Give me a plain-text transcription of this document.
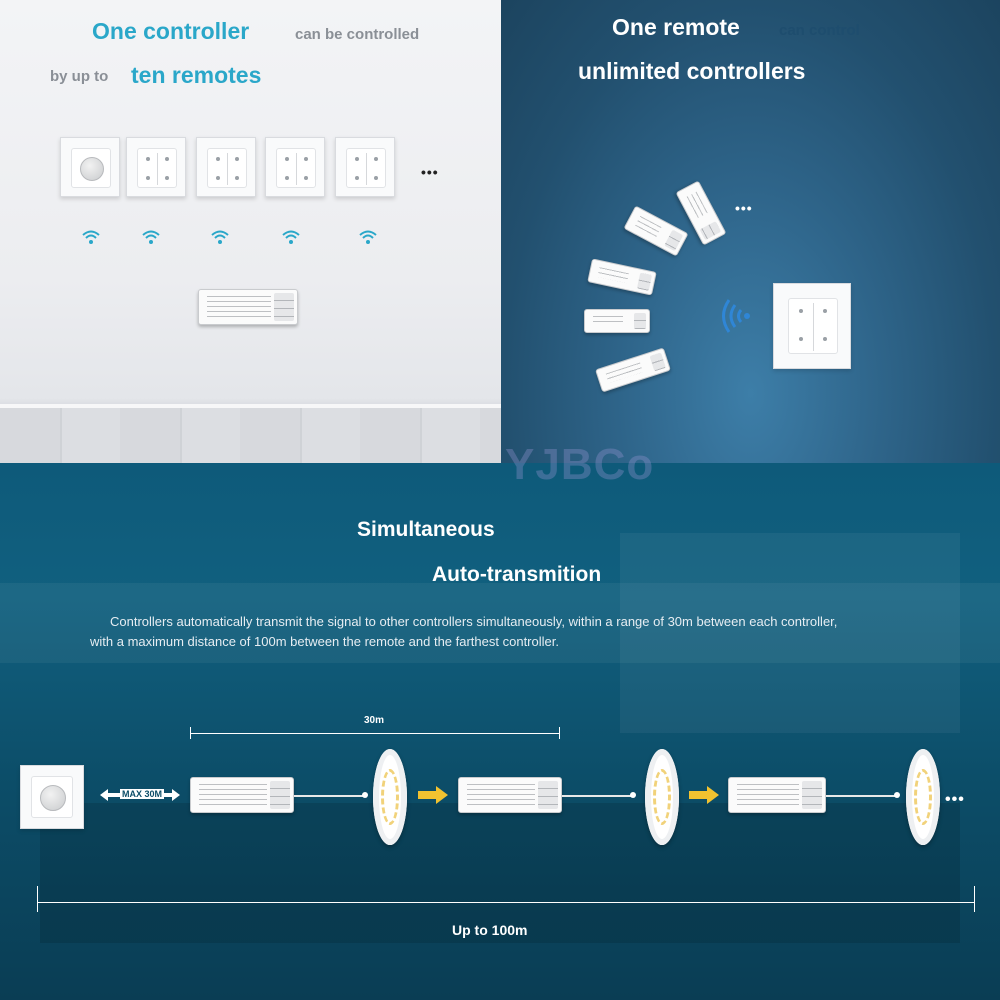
One controller	can be controlled
by up to ten remotes
•••
One remote	can control
unlimited controllers
•••
Simultaneous
Auto-transmition
Controllers automatically transmit the signal to other controllers simultaneously, within a range of 30m between each controller,
with a maximum distance of 100m between the remote and the farthest controller.
30m
MAX 30M	•••
Up to 100m
YJBCo
